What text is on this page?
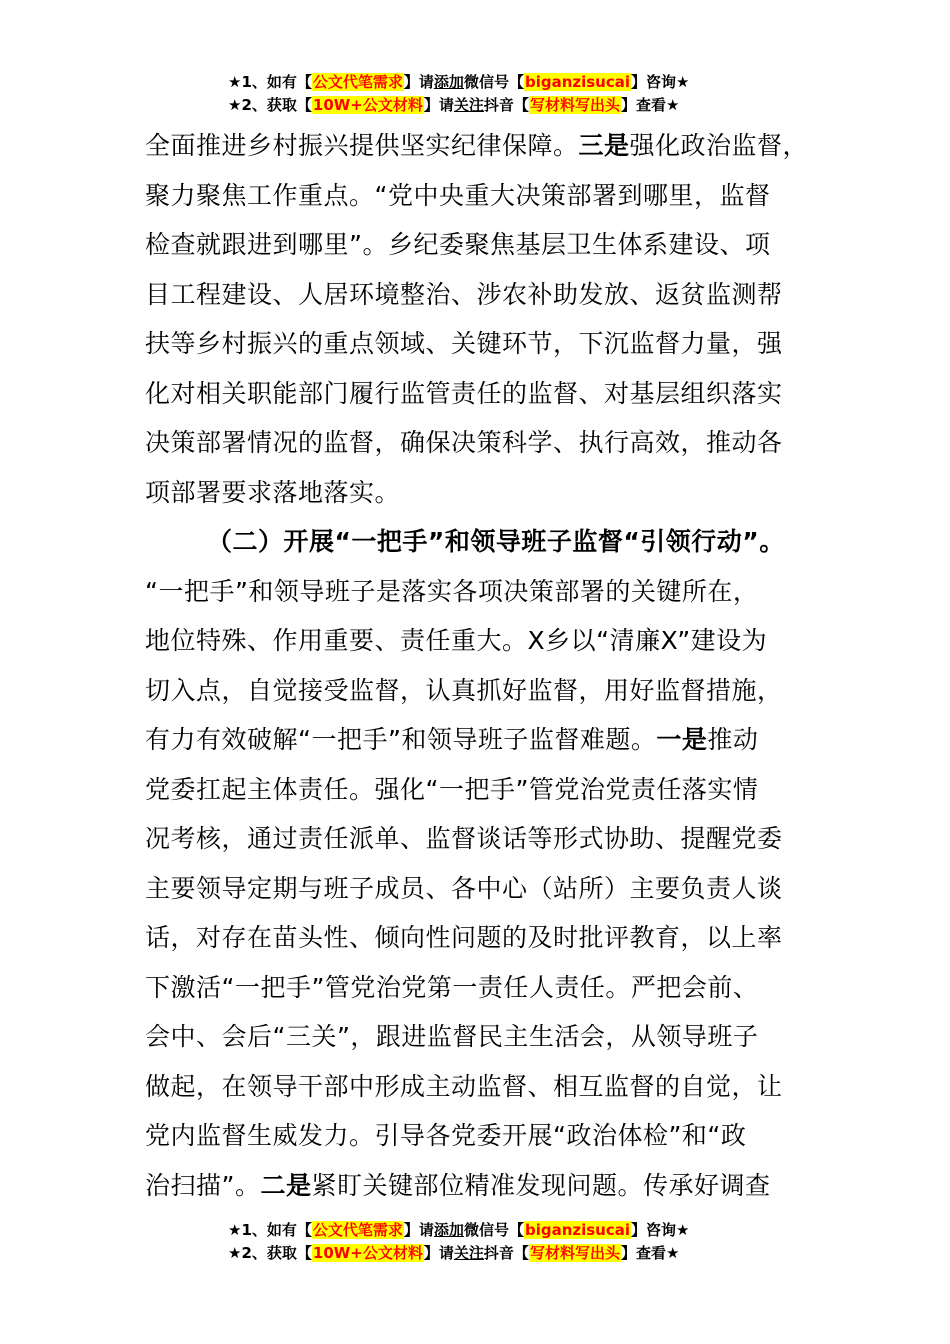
★1、如有【公文代笔需求】请添加微信号【biganzisucai】咨询★
★2、获取【10W+公文材料】请关注抖音【写材料写出头】查看★

全面推进乡村振兴提供坚实纪律保障。三是强化政治监督，

聚力聚焦工作重点。“党中央重大决策部署到哪里，监督

检查就跟进到哪里”。乡纪委聚焦基层卫生体系建设、项

目工程建设、人居环境整治、涉农补助发放、返贫监测帮

扶等乡村振兴的重点领域、关键环节，下沉监督力量，强

化对相关职能部门履行监管责任的监督、对基层组织落实

决策部署情况的监督，确保决策科学、执行高效，推动各

项部署要求落地落实。

（二）开展“一把手”和领导班子监督“引领行动”。

“一把手”和领导班子是落实各项决策部署的关键所在，

地位特殊、作用重要、责任重大。X乡以“清廉X”建设为

切入点，自觉接受监督，认真抓好监督，用好监督措施，

有力有效破解“一把手”和领导班子监督难题。一是推动

党委扛起主体责任。强化“一把手”管党治党责任落实情

况考核，通过责任派单、监督谈话等形式协助、提醒党委

主要领导定期与班子成员、各中心（站所）主要负责人谈

话，对存在苗头性、倾向性问题的及时批评教育，以上率

下激活“一把手”管党治党第一责任人责任。严把会前、

会中、会后“三关”，跟进监督民主生活会，从领导班子

做起，在领导干部中形成主动监督、相互监督的自觉，让

党内监督生威发力。引导各党委开展“政治体检”和“政

治扫描”。二是紧盯关键部位精准发现问题。传承好调查

★1、如有【公文代笔需求】请添加微信号【biganzisucai】咨询★
★2、获取【10W+公文材料】请关注抖音【写材料写出头】查看★
